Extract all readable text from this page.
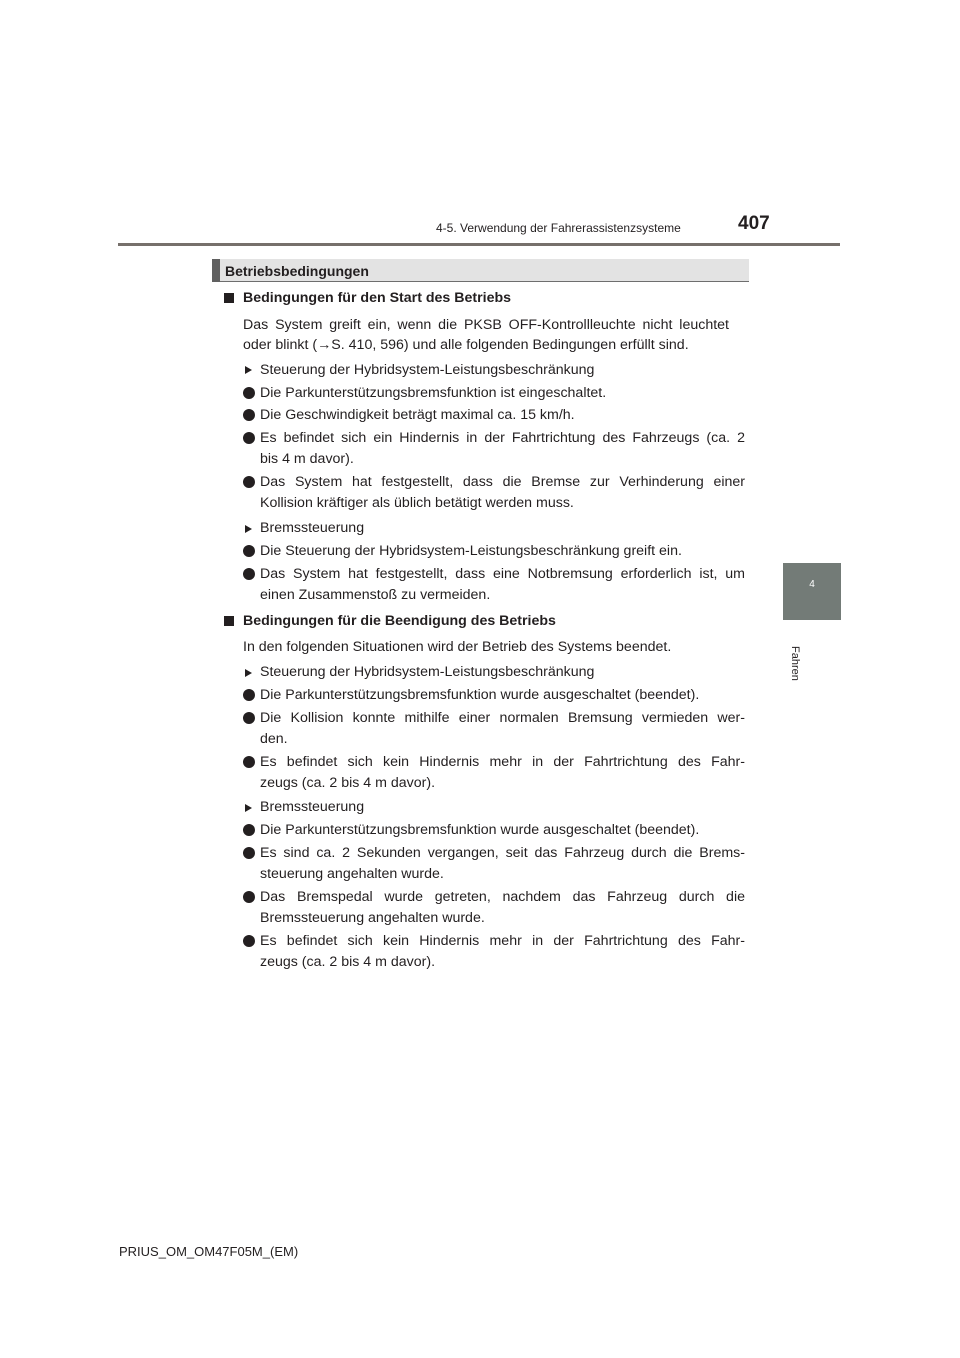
4-5. Verwendung der Fahrerassistenzsysteme	407
4
Fahren
Betriebsbedingungen
Bedingungen für den Start des Betriebs
Das System greift ein, wenn die PKSB OFF-Kontrollleuchte nicht leuchtet
oder blinkt (→S. 410, 596) und alle folgenden Bedingungen erfüllt sind.
Steuerung der Hybridsystem-Leistungsbeschränkung
Die Parkunterstützungsbremsfunktion ist eingeschaltet.
Die Geschwindigkeit beträgt maximal ca. 15 km/h.
Es befindet sich ein Hindernis in der Fahrtrichtung des Fahrzeugs (ca. 2
bis 4 m davor).
Das System hat festgestellt, dass die Bremse zur Verhinderung einer
Kollision kräftiger als üblich betätigt werden muss.
Bremssteuerung
Die Steuerung der Hybridsystem-Leistungsbeschränkung greift ein.
Das System hat festgestellt, dass eine Notbremsung erforderlich ist, um
einen Zusammenstoß zu vermeiden.
Bedingungen für die Beendigung des Betriebs
In den folgenden Situationen wird der Betrieb des Systems beendet.
Steuerung der Hybridsystem-Leistungsbeschränkung
Die Parkunterstützungsbremsfunktion wurde ausgeschaltet (beendet).
Die Kollision konnte mithilfe einer normalen Bremsung vermieden wer-
den.
Es befindet sich kein Hindernis mehr in der Fahrtrichtung des Fahr-
zeugs (ca. 2 bis 4 m davor).
Bremssteuerung
Die Parkunterstützungsbremsfunktion wurde ausgeschaltet (beendet).
Es sind ca. 2 Sekunden vergangen, seit das Fahrzeug durch die Brems-
steuerung angehalten wurde.
Das Bremspedal wurde getreten, nachdem das Fahrzeug durch die
Bremssteuerung angehalten wurde.
Es befindet sich kein Hindernis mehr in der Fahrtrichtung des Fahr-
zeugs (ca. 2 bis 4 m davor).
PRIUS_OM_OM47F05M_(EM)
